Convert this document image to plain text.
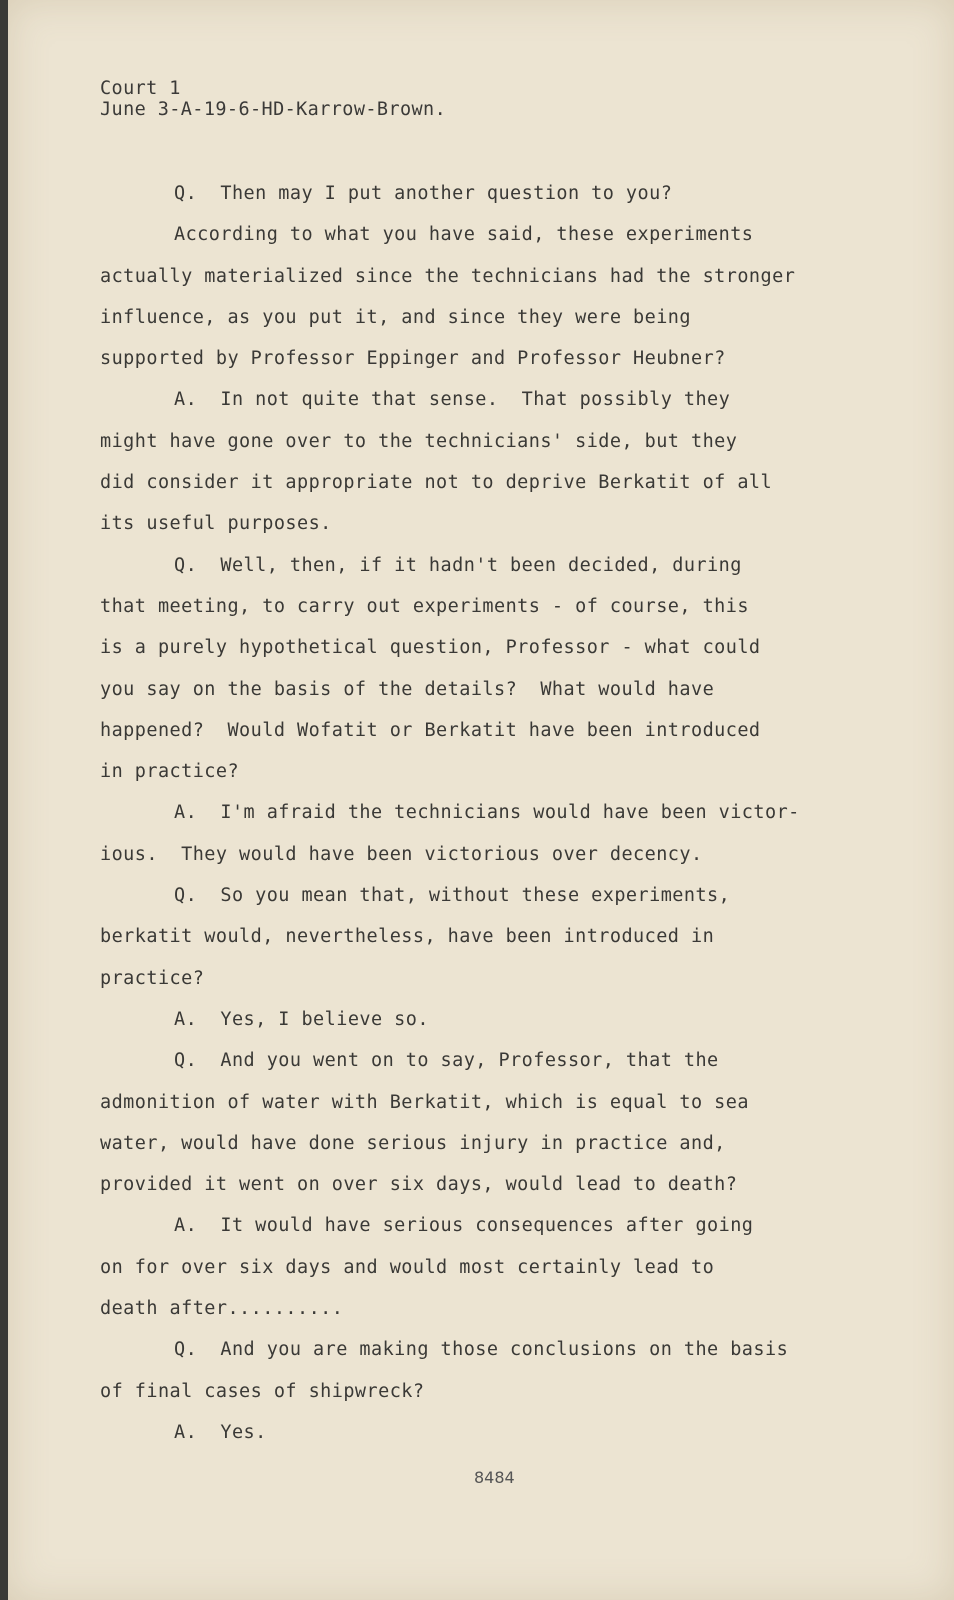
Court 1
June 3-A-19-6-HD-Karrow-Brown.
Q.  Then may I put another question to you?
According to what you have said, these experiments
actually materialized since the technicians had the stronger
influence, as you put it, and since they were being
supported by Professor Eppinger and Professor Heubner?
A.  In not quite that sense.  That possibly they
might have gone over to the technicians' side, but they
did consider it appropriate not to deprive Berkatit of all
its useful purposes.
Q.  Well, then, if it hadn't been decided, during
that meeting, to carry out experiments - of course, this
is a purely hypothetical question, Professor - what could
you say on the basis of the details?  What would have
happened?  Would Wofatit or Berkatit have been introduced
in practice?
A.  I'm afraid the technicians would have been victor-
ious.  They would have been victorious over decency.
Q.  So you mean that, without these experiments,
berkatit would, nevertheless, have been introduced in
practice?
A.  Yes, I believe so.
Q.  And you went on to say, Professor, that the
admonition of water with Berkatit, which is equal to sea
water, would have done serious injury in practice and,
provided it went on over six days, would lead to death?
A.  It would have serious consequences after going
on for over six days and would most certainly lead to
death after..........
Q.  And you are making those conclusions on the basis
of final cases of shipwreck?
A.  Yes.
8484
